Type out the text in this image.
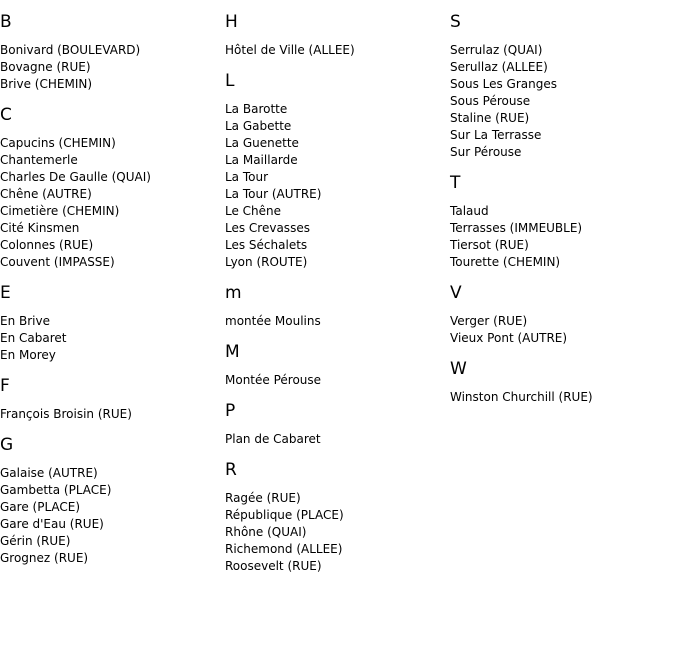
B
Bonivard (BOULEVARD)
Bovagne (RUE)
Brive (CHEMIN)
C
Capucins (CHEMIN)
Chantemerle
Charles De Gaulle (QUAI)
Chêne (AUTRE)
Cimetière (CHEMIN)
Cité Kinsmen
Colonnes (RUE)
Couvent (IMPASSE)
E
En Brive
En Cabaret
En Morey
F
François Broisin (RUE)
G
Galaise (AUTRE)
Gambetta (PLACE)
Gare (PLACE)
Gare d'Eau (RUE)
Gérin (RUE)
Grognez (RUE)
H
Hôtel de Ville (ALLEE)
L
La Barotte
La Gabette
La Guenette
La Maillarde
La Tour
La Tour (AUTRE)
Le Chêne
Les Crevasses
Les Séchalets
Lyon (ROUTE)
m
montée Moulins
M
Montée Pérouse
P
Plan de Cabaret
R
Ragée (RUE)
République (PLACE)
Rhône (QUAI)
Richemond (ALLEE)
Roosevelt (RUE)
S
Serrulaz (QUAI)
Serullaz (ALLEE)
Sous Les Granges
Sous Pérouse
Staline (RUE)
Sur La Terrasse
Sur Pérouse
T
Talaud
Terrasses (IMMEUBLE)
Tiersot (RUE)
Tourette (CHEMIN)
V
Verger (RUE)
Vieux Pont (AUTRE)
W
Winston Churchill (RUE)
